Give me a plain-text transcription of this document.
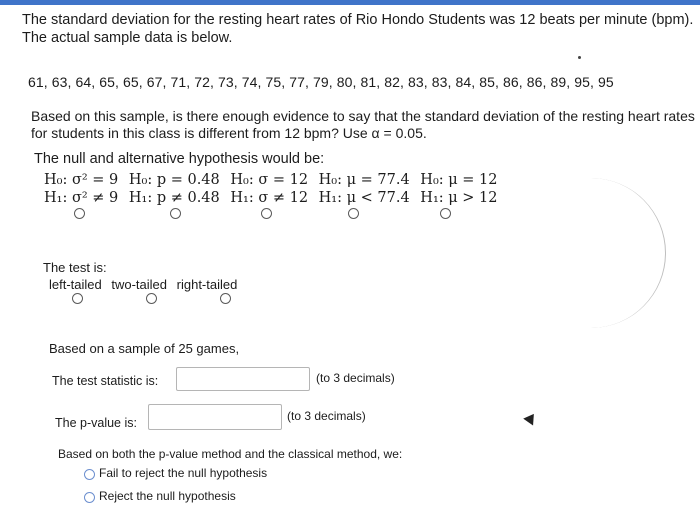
The standard deviation for the resting heart rates of Rio Hondo Students was 12 beats per minute (bpm).
The actual sample data is below.
61, 63, 64, 65, 65, 67, 71, 72, 73, 74, 75, 77, 79, 80, 81, 82, 83, 83, 84, 85, 86, 86, 89, 95, 95
Based on this sample, is there enough evidence to say that the standard deviation of the resting heart rates
for students in this class is different from 12 bpm? Use α = 0.05.
The null and alternative hypothesis would be:
H₀: σ² = 9 H₀: p = 0.48 H₀: σ = 12 H₀: μ = 77.4 H₀: μ = 12
H₁: σ² ≠ 9 H₁: p ≠ 0.48 H₁: σ ≠ 12 H₁: μ < 77.4 H₁: μ > 12
The test is:
left-tailed two-tailed right-tailed
Based on a sample of 25 games,
The test statistic is:	(to 3 decimals)
The p-value is:	(to 3 decimals)
Based on both the p-value method and the classical method, we:
Fail to reject the null hypothesis
Reject the null hypothesis
